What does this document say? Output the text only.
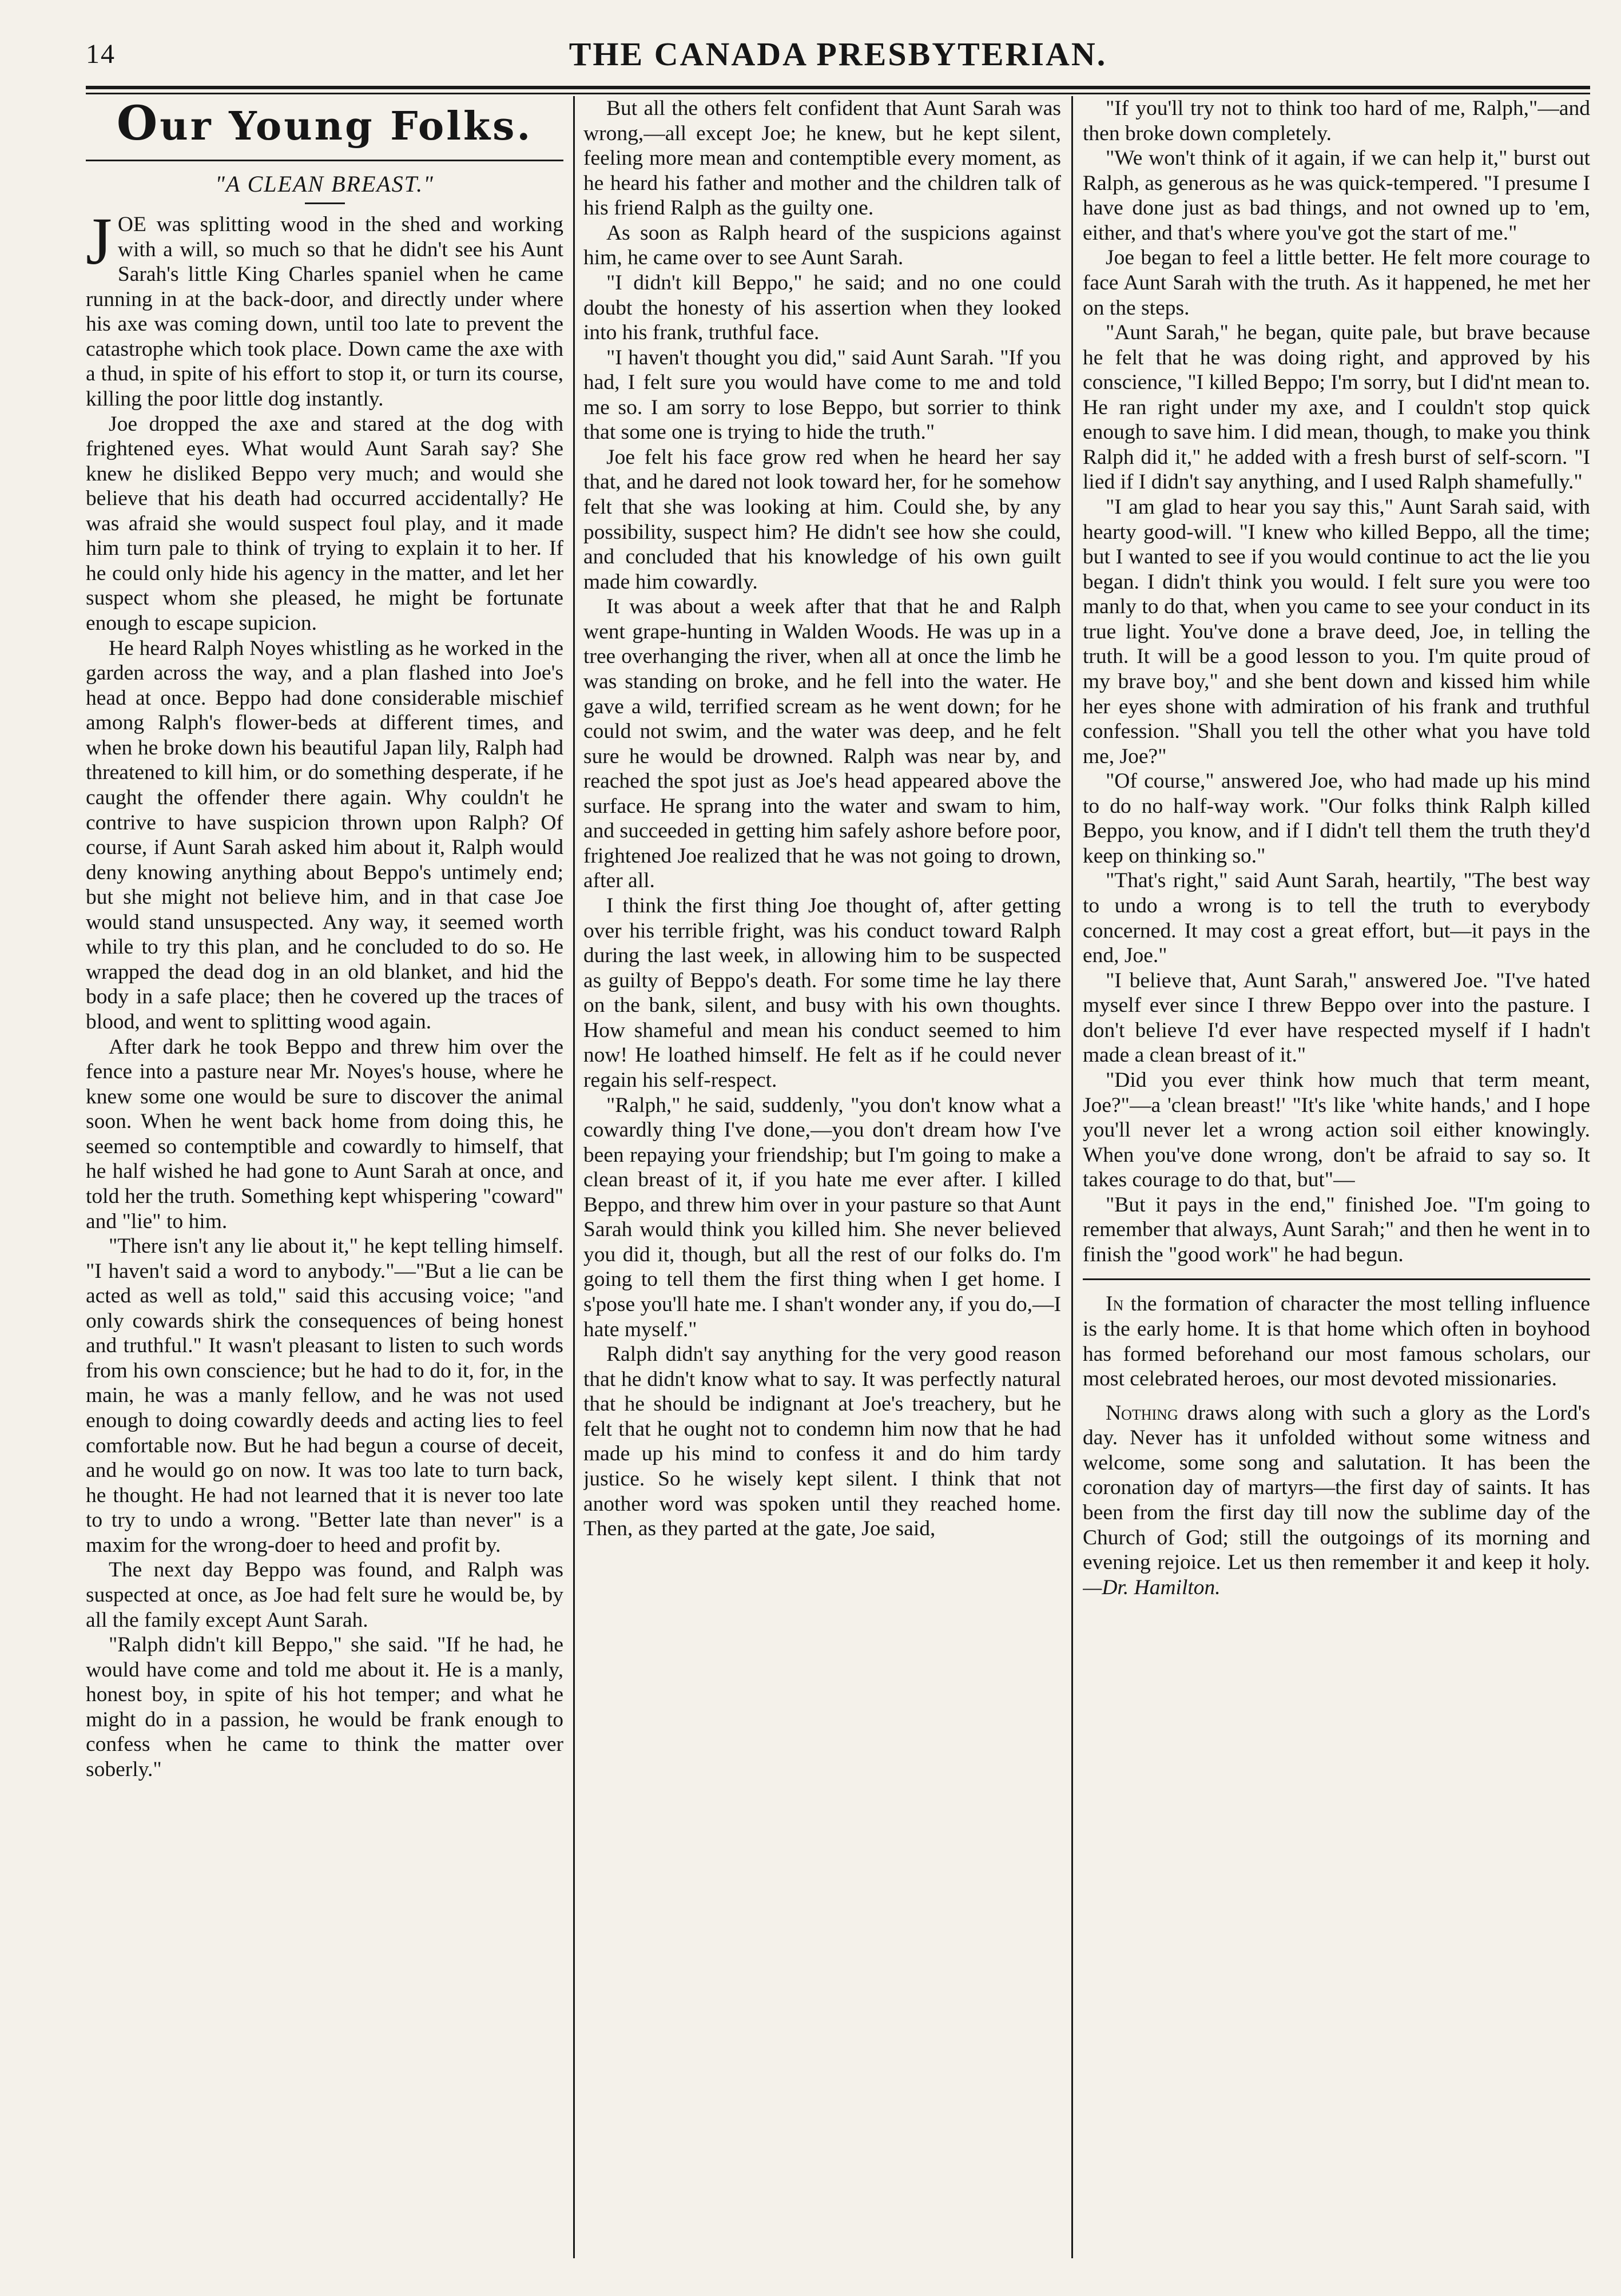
14	THE CANADA PRESBYTERIAN.
Our Young Folks.
"A CLEAN BREAST."

JOE was splitting wood in the shed and working with a will, so much so that he didn't see his Aunt Sarah's little King Charles spaniel when he came running in at the back-door, and directly under where his axe was coming down, until too late to prevent the catastrophe which took place. Down came the axe with a thud, in spite of his effort to stop it, or turn its course, killing the poor little dog instantly.

Joe dropped the axe and stared at the dog with frightened eyes. What would Aunt Sarah say? She knew he disliked Beppo very much; and would she believe that his death had occurred accidentally? He was afraid she would suspect foul play, and it made him turn pale to think of trying to explain it to her. If he could only hide his agency in the matter, and let her suspect whom she pleased, he might be fortunate enough to escape supicion.

He heard Ralph Noyes whistling as he worked in the garden across the way, and a plan flashed into Joe's head at once. Beppo had done considerable mischief among Ralph's flower-beds at different times, and when he broke down his beautiful Japan lily, Ralph had threatened to kill him, or do something desperate, if he caught the offender there again. Why couldn't he contrive to have suspicion thrown upon Ralph? Of course, if Aunt Sarah asked him about it, Ralph would deny knowing anything about Beppo's untimely end; but she might not believe him, and in that case Joe would stand unsuspected. Any way, it seemed worth while to try this plan, and he concluded to do so. He wrapped the dead dog in an old blanket, and hid the body in a safe place; then he covered up the traces of blood, and went to splitting wood again.

After dark he took Beppo and threw him over the fence into a pasture near Mr. Noyes's house, where he knew some one would be sure to discover the animal soon. When he went back home from doing this, he seemed so contemptible and cowardly to himself, that he half wished he had gone to Aunt Sarah at once, and told her the truth. Something kept whispering "coward" and "lie" to him.

"There isn't any lie about it," he kept telling himself. "I haven't said a word to anybody."—"But a lie can be acted as well as told," said this accusing voice; "and only cowards shirk the consequences of being honest and truthful." It wasn't pleasant to listen to such words from his own conscience; but he had to do it, for, in the main, he was a manly fellow, and he was not used enough to doing cowardly deeds and acting lies to feel comfortable now. But he had begun a course of deceit, and he would go on now. It was too late to turn back, he thought. He had not learned that it is never too late to try to undo a wrong. "Better late than never" is a maxim for the wrong-doer to heed and profit by.

The next day Beppo was found, and Ralph was suspected at once, as Joe had felt sure he would be, by all the family except Aunt Sarah.

"Ralph didn't kill Beppo," she said. "If he had, he would have come and told me about it. He is a manly, honest boy, in spite of his hot temper; and what he might do in a passion, he would be frank enough to confess when he came to think the matter over soberly."

But all the others felt confident that Aunt Sarah was wrong,—all except Joe; he knew, but he kept silent, feeling more mean and contemptible every moment, as he heard his father and mother and the children talk of his friend Ralph as the guilty one.

As soon as Ralph heard of the suspicions against him, he came over to see Aunt Sarah.

"I didn't kill Beppo," he said; and no one could doubt the honesty of his assertion when they looked into his frank, truthful face.

"I haven't thought you did," said Aunt Sarah. "If you had, I felt sure you would have come to me and told me so. I am sorry to lose Beppo, but sorrier to think that some one is trying to hide the truth."

Joe felt his face grow red when he heard her say that, and he dared not look toward her, for he somehow felt that she was looking at him. Could she, by any possibility, suspect him? He didn't see how she could, and concluded that his knowledge of his own guilt made him cowardly.

It was about a week after that that he and Ralph went grape-hunting in Walden Woods. He was up in a tree overhanging the river, when all at once the limb he was standing on broke, and he fell into the water. He gave a wild, terrified scream as he went down; for he could not swim, and the water was deep, and he felt sure he would be drowned. Ralph was near by, and reached the spot just as Joe's head appeared above the surface. He sprang into the water and swam to him, and succeeded in getting him safely ashore before poor, frightened Joe realized that he was not going to drown, after all.

I think the first thing Joe thought of, after getting over his terrible fright, was his conduct toward Ralph during the last week, in allowing him to be suspected as guilty of Beppo's death. For some time he lay there on the bank, silent, and busy with his own thoughts. How shameful and mean his conduct seemed to him now! He loathed himself. He felt as if he could never regain his self-respect.

"Ralph," he said, suddenly, "you don't know what a cowardly thing I've done,—you don't dream how I've been repaying your friendship; but I'm going to make a clean breast of it, if you hate me ever after. I killed Beppo, and threw him over in your pasture so that Aunt Sarah would think you killed him. She never believed you did it, though, but all the rest of our folks do. I'm going to tell them the first thing when I get home. I s'pose you'll hate me. I shan't wonder any, if you do,—I hate myself."

Ralph didn't say anything for the very good reason that he didn't know what to say. It was perfectly natural that he should be indignant at Joe's treachery, but he felt that he ought not to condemn him now that he had made up his mind to confess it and do him tardy justice. So he wisely kept silent. I think that not another word was spoken until they reached home. Then, as they parted at the gate, Joe said,

"If you'll try not to think too hard of me, Ralph,"—and then broke down completely.

"We won't think of it again, if we can help it," burst out Ralph, as generous as he was quick-tempered. "I presume I have done just as bad things, and not owned up to 'em, either, and that's where you've got the start of me."

Joe began to feel a little better. He felt more courage to face Aunt Sarah with the truth. As it happened, he met her on the steps.

"Aunt Sarah," he began, quite pale, but brave because he felt that he was doing right, and approved by his conscience, "I killed Beppo; I'm sorry, but I did'nt mean to. He ran right under my axe, and I couldn't stop quick enough to save him. I did mean, though, to make you think Ralph did it," he added with a fresh burst of self-scorn. "I lied if I didn't say anything, and I used Ralph shamefully."

"I am glad to hear you say this," Aunt Sarah said, with hearty good-will. "I knew who killed Beppo, all the time; but I wanted to see if you would continue to act the lie you began. I didn't think you would. I felt sure you were too manly to do that, when you came to see your conduct in its true light. You've done a brave deed, Joe, in telling the truth. It will be a good lesson to you. I'm quite proud of my brave boy," and she bent down and kissed him while her eyes shone with admiration of his frank and truthful confession. "Shall you tell the other what you have told me, Joe?"

"Of course," answered Joe, who had made up his mind to do no half-way work. "Our folks think Ralph killed Beppo, you know, and if I didn't tell them the truth they'd keep on thinking so."

"That's right," said Aunt Sarah, heartily, "The best way to undo a wrong is to tell the truth to everybody concerned. It may cost a great effort, but—it pays in the end, Joe."

"I believe that, Aunt Sarah," answered Joe. "I've hated myself ever since I threw Beppo over into the pasture. I don't believe I'd ever have respected myself if I hadn't made a clean breast of it."

"Did you ever think how much that term meant, Joe?"—a 'clean breast!' "It's like 'white hands,' and I hope you'll never let a wrong action soil either knowingly. When you've done wrong, don't be afraid to say so. It takes courage to do that, but"—

"But it pays in the end," finished Joe. "I'm going to remember that always, Aunt Sarah;" and then he went in to finish the "good work" he had begun.

In the formation of character the most telling influence is the early home. It is that home which often in boyhood has formed beforehand our most famous scholars, our most celebrated heroes, our most devoted missionaries.

Nothing draws along with such a glory as the Lord's day. Never has it unfolded without some witness and welcome, some song and salutation. It has been the coronation day of martyrs—the first day of saints. It has been from the first day till now the sublime day of the Church of God; still the outgoings of its morning and evening rejoice. Let us then remember it and keep it holy.—Dr. Hamilton.
